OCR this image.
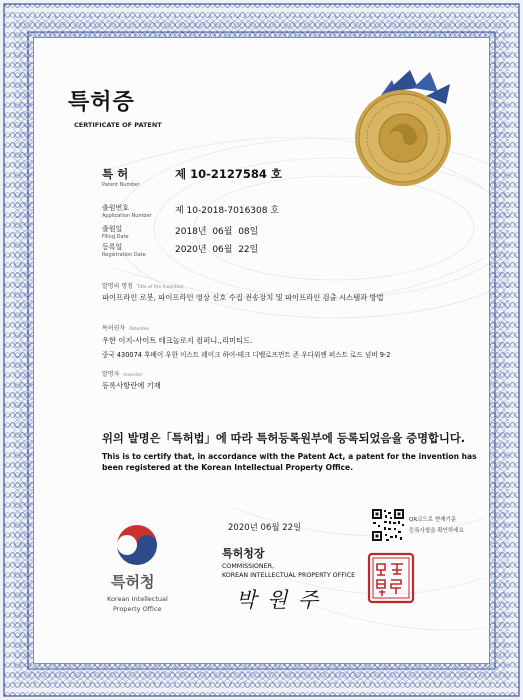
특허증
CERTIFICATE OF PATENT
특 허
Patent Number
제 10-2127584 호
출원번호
Application Number	제 10-2018-7016308 호
출원일
Filing Date	2018년  06월  08일
등록일
Registration Date	2020년  06월  22일
발명의 명칭 Title of the Invention
파이프라인 로봇, 파이프라인 영상 신호 수집 전송장치 및 파이프라인 검출 시스템과 방법
특허권자 Patentee
우한 이지-사이트 테크놀로지 컴퍼니.,리미티드.
중국 430074 후베이 우한 이스트 레이크 하이-테크 디벨로프먼트 존 우다위엔 퍼스트 로드 넘버 9-2
발명자 Inventor
등록사항란에 기재
위의 발명은「특허법」에 따라 특허등록원부에 등록되었음을 증명합니다.
This is to certify that, in accordance with the Patent Act, a patent for the invention has been registered at the Korean Intellectual Property Office.
2020년 06월 22일
QR코드로 현재기준
등록사항을 확인하세요
특허청장
COMMISSIONER,
KOREAN INTELLECTUAL PROPERTY OFFICE
박 원 주
특허청
Korean Intellectual
Property Office
